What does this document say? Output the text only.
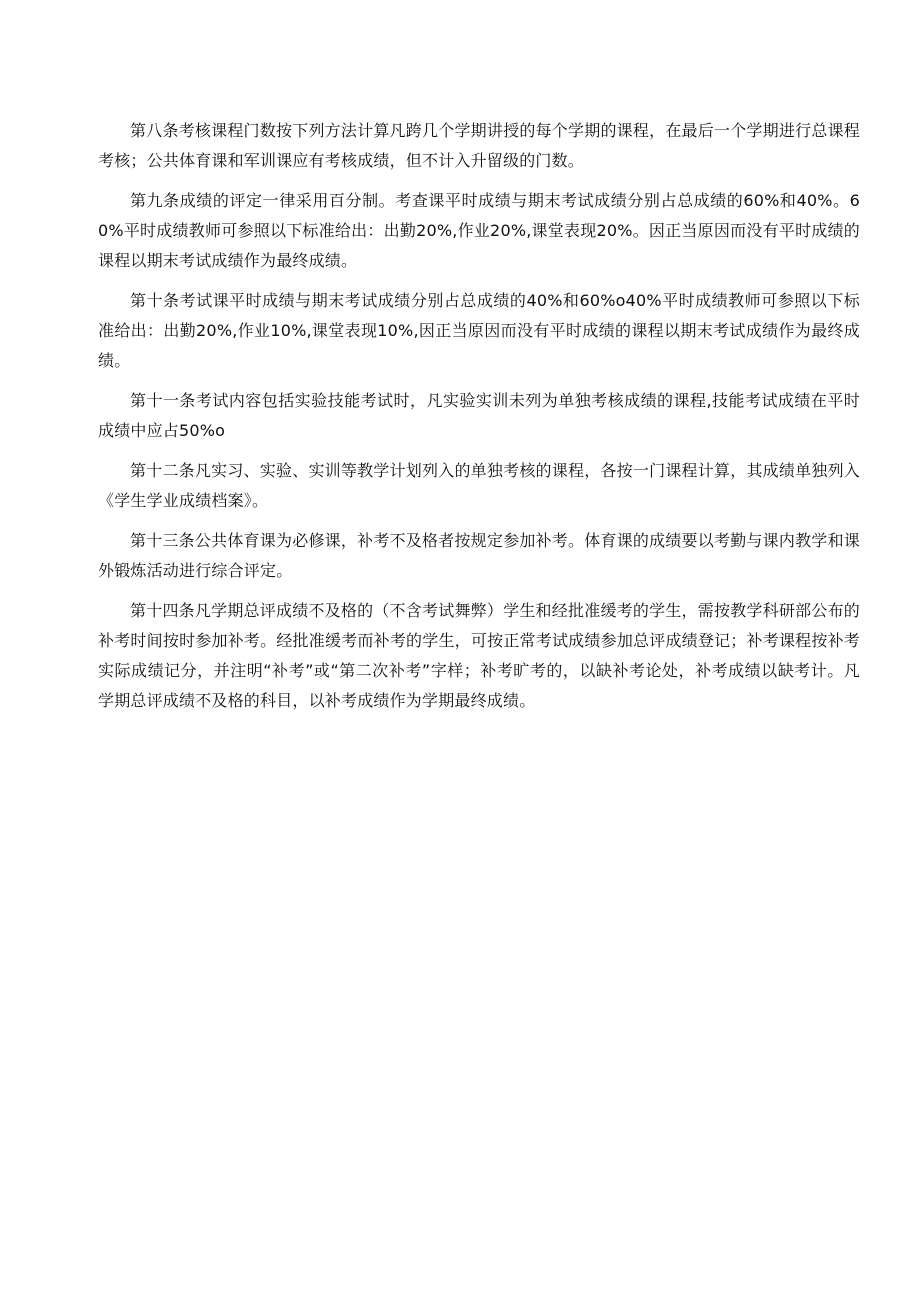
第八条考核课程门数按下列方法计算凡跨几个学期讲授的每个学期的课程，在最后一个学期进行总课程考核；公共体育课和军训课应有考核成绩，但不计入升留级的门数。

第九条成绩的评定一律采用百分制。考查课平时成绩与期末考试成绩分别占总成绩的60%和40%。60%平时成绩教师可参照以下标准给出：出勤20%,作业20%,课堂表现20%。因正当原因而没有平时成绩的课程以期末考试成绩作为最终成绩。

第十条考试课平时成绩与期末考试成绩分别占总成绩的40%和60%o40%平时成绩教师可参照以下标准给出：出勤20%,作业10%,课堂表现10%,因正当原因而没有平时成绩的课程以期末考试成绩作为最终成绩。

第十一条考试内容包括实验技能考试时，凡实验实训未列为单独考核成绩的课程,技能考试成绩在平时成绩中应占50%o

第十二条凡实习、实验、实训等教学计划列入的单独考核的课程，各按一门课程计算，其成绩单独列入《学生学业成绩档案》。

第十三条公共体育课为必修课，补考不及格者按规定参加补考。体育课的成绩要以考勤与课内教学和课外锻炼活动进行综合评定。

第十四条凡学期总评成绩不及格的（不含考试舞弊）学生和经批准缓考的学生，需按教学科研部公布的补考时间按时参加补考。经批准缓考而补考的学生，可按正常考试成绩参加总评成绩登记；补考课程按补考实际成绩记分，并注明“补考”或“第二次补考”字样；补考旷考的，以缺补考论处，补考成绩以缺考计。凡学期总评成绩不及格的科目，以补考成绩作为学期最终成绩。
